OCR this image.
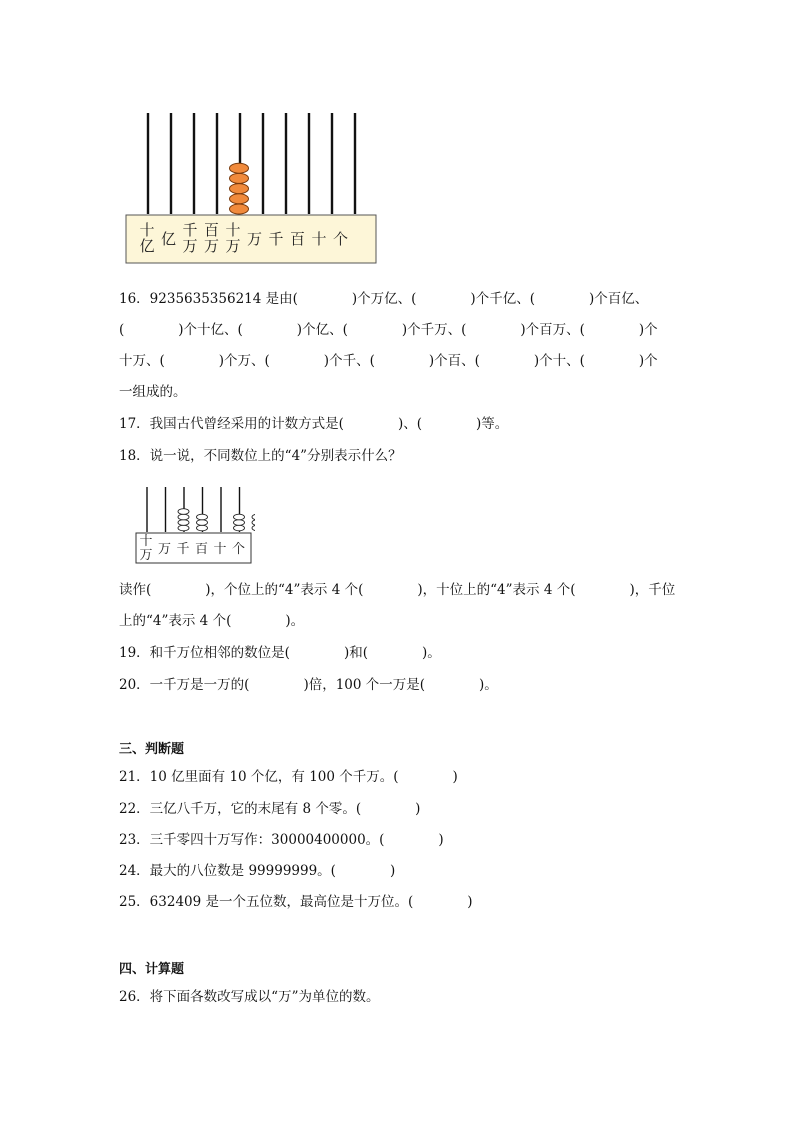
十
亿 亿 千
万
百
万
十
万 万 千 百 十 个
十
万 万 千 百 十 个
16．9235635356214 是由(　　　　)个万亿、(　　　　)个千亿、(　　　　)个百亿、
(　　　　)个十亿、(　　　　)个亿、(　　　　)个千万、(　　　　)个百万、(　　　　)个
十万、(　　　　)个万、(　　　　)个千、(　　　　)个百、(　　　　)个十、(　　　　)个
一组成的。
17．我国古代曾经采用的计数方式是(　　　　)、(　　　　)等。
18．说一说，不同数位上的“4”分别表示什么？
读作(　　　　)，个位上的“4”表示 4 个(　　　　)，十位上的“4”表示 4 个(　　　　)，千位
上的“4”表示 4 个(　　　　)。
19．和千万位相邻的数位是(　　　　)和(　　　　)。
20．一千万是一万的(　　　　)倍，100 个一万是(　　　　)。
三、判断题
21．10 亿里面有 10 个亿，有 100 个千万。(　　　　)
22．三亿八千万，它的末尾有 8 个零。(　　　　)
23．三千零四十万写作：30000400000。(　　　　)
24．最大的八位数是 99999999。(　　　　)
25．632409 是一个五位数，最高位是十万位。(　　　　)
四、计算题
26．将下面各数改写成以“万”为单位的数。
